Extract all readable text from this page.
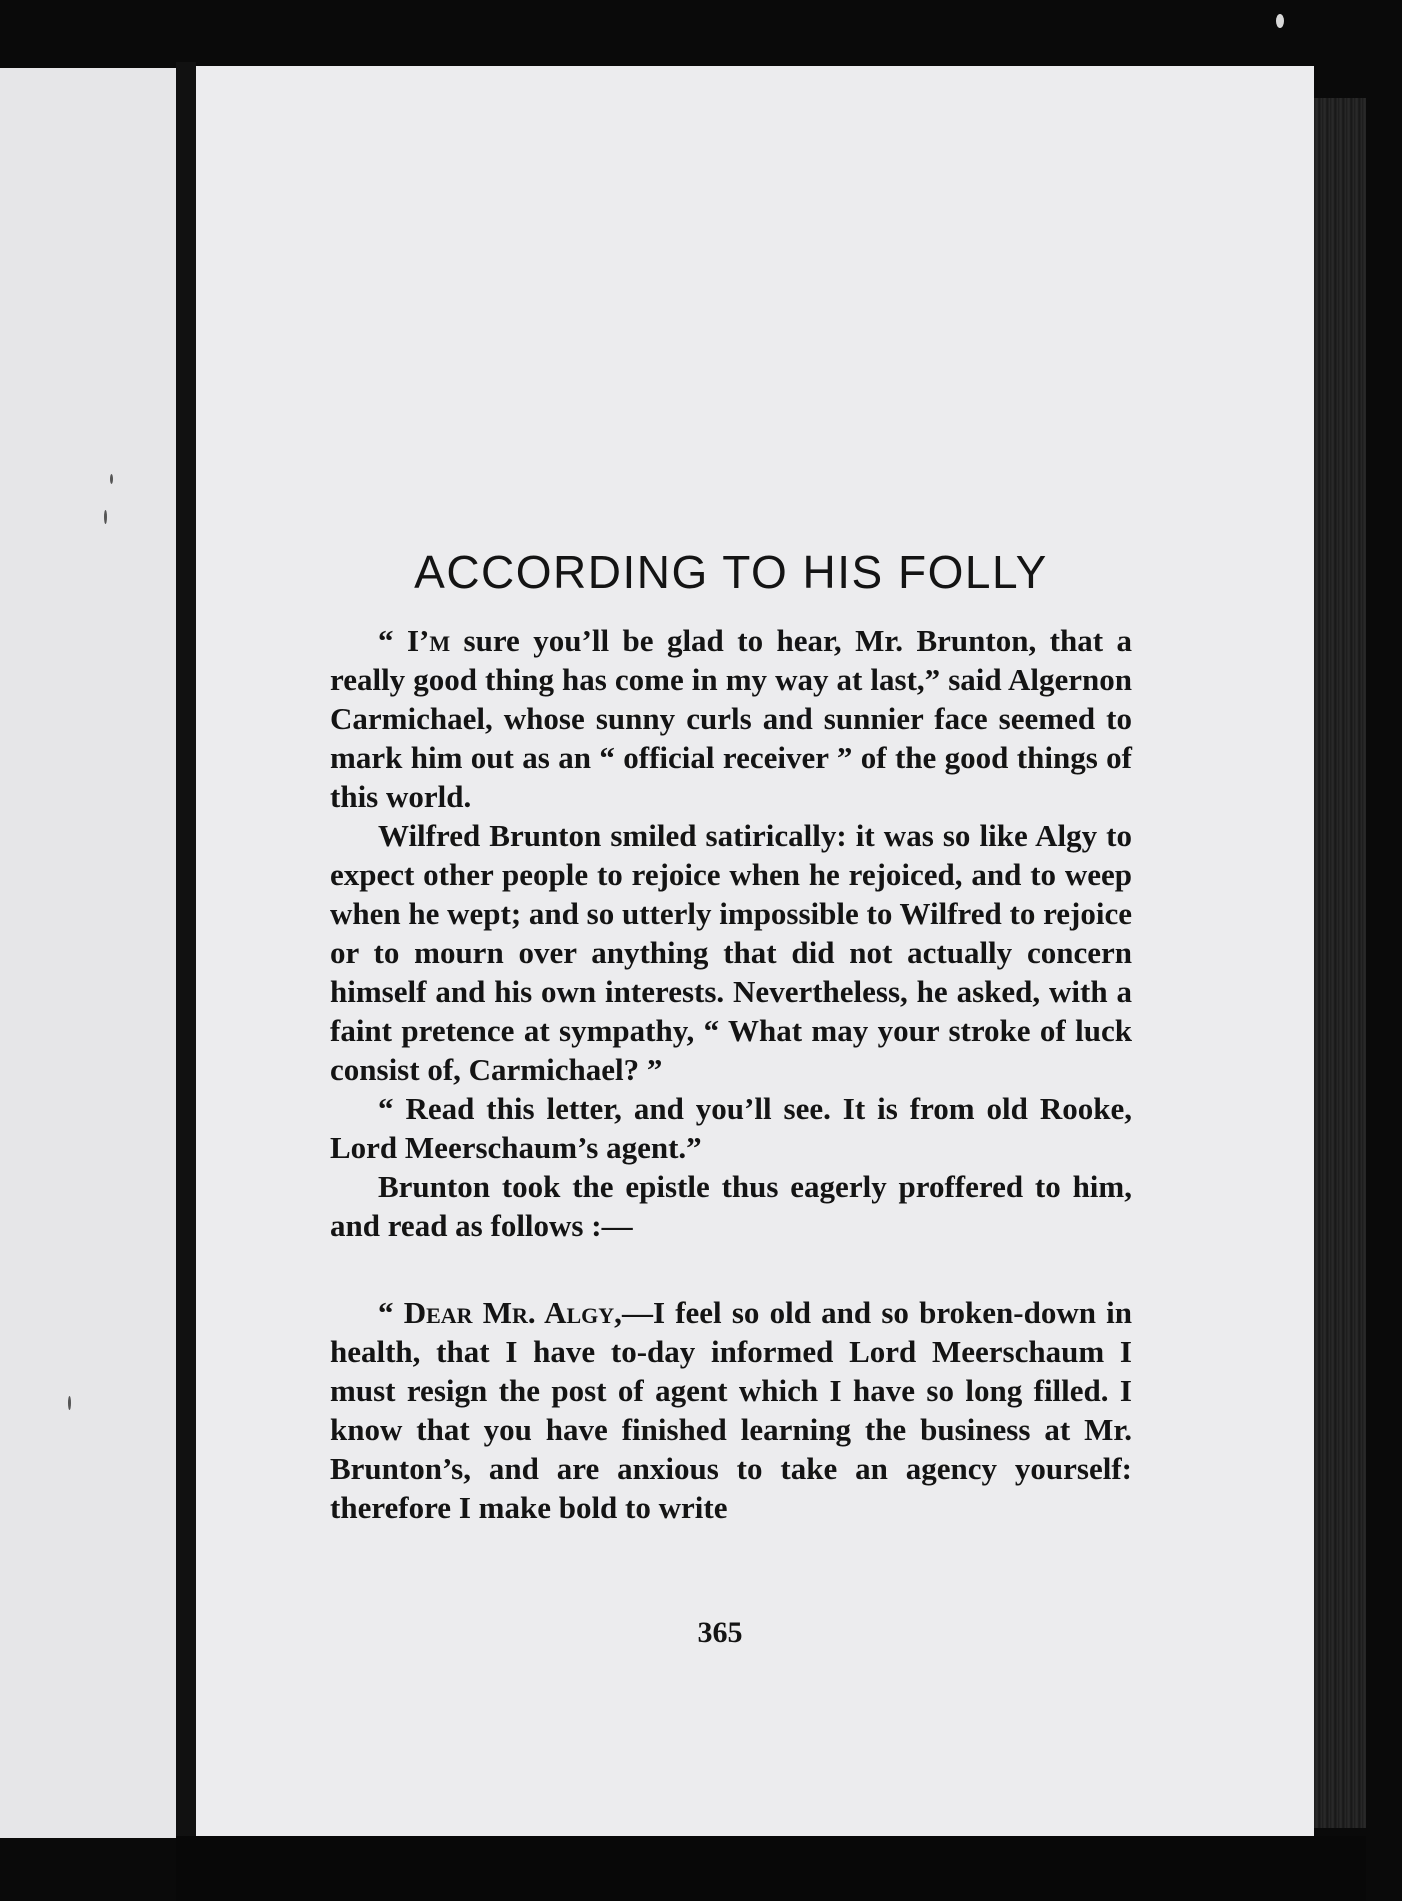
ACCORDING TO HIS FOLLY

“ I’m sure you’ll be glad to hear, Mr. Brunton, that a really good thing has come in my way at last,” said Algernon Carmichael, whose sunny curls and sunnier face seemed to mark him out as an “ official receiver ” of the good things of this world.

Wilfred Brunton smiled satirically: it was so like Algy to expect other people to rejoice when he rejoiced, and to weep when he wept; and so utterly impossible to Wilfred to rejoice or to mourn over anything that did not actually concern himself and his own interests. Nevertheless, he asked, with a faint pretence at sympathy, “ What may your stroke of luck consist of, Carmichael? ”

“ Read this letter, and you’ll see. It is from old Rooke, Lord Meerschaum’s agent.”

Brunton took the epistle thus eagerly proffered to him, and read as follows :—

“ Dear Mr. Algy,—I feel so old and so broken-down in health, that I have to-day informed Lord Meerschaum I must resign the post of agent which I have so long filled. I know that you have finished learning the business at Mr. Brunton’s, and are anxious to take an agency yourself: therefore I make bold to write

365
